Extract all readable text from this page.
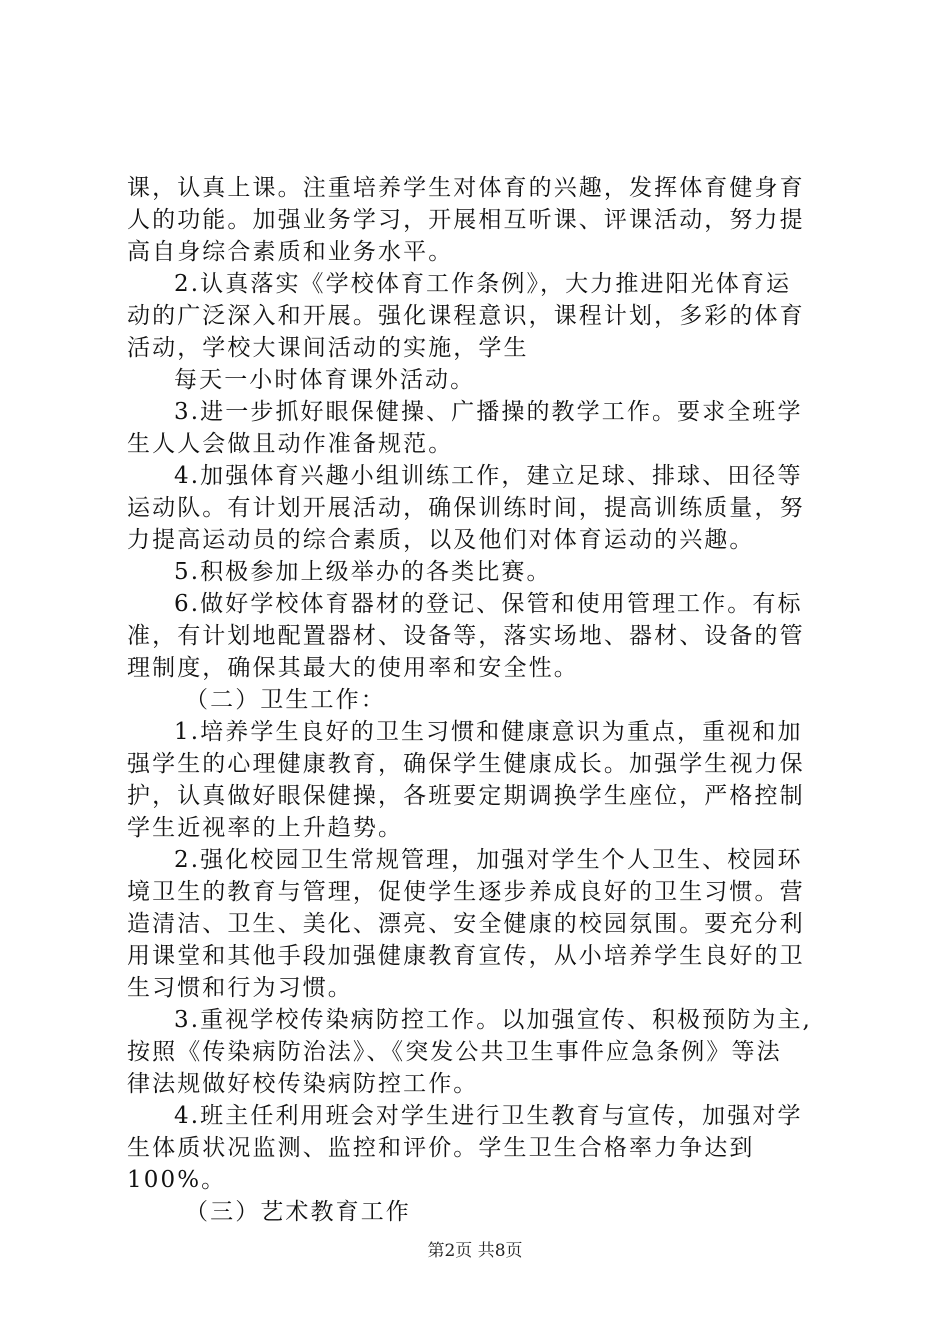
课，认真上课。注重培养学生对体育的兴趣，发挥体育健身育
人的功能。加强业务学习，开展相互听课、评课活动，努力提
高自身综合素质和业务水平。
2.认真落实《学校体育工作条例》，大力推进阳光体育运
动的广泛深入和开展。强化课程意识，课程计划，多彩的体育
活动，学校大课间活动的实施，学生
每天一小时体育课外活动。
3.进一步抓好眼保健操、广播操的教学工作。要求全班学
生人人会做且动作准备规范。
4.加强体育兴趣小组训练工作，建立足球、排球、田径等
运动队。有计划开展活动，确保训练时间，提高训练质量，努
力提高运动员的综合素质，以及他们对体育运动的兴趣。
5.积极参加上级举办的各类比赛。
6.做好学校体育器材的登记、保管和使用管理工作。有标
准，有计划地配置器材、设备等，落实场地、器材、设备的管
理制度，确保其最大的使用率和安全性。
（二）卫生工作：
1.培养学生良好的卫生习惯和健康意识为重点，重视和加
强学生的心理健康教育，确保学生健康成长。加强学生视力保
护，认真做好眼保健操，各班要定期调换学生座位，严格控制
学生近视率的上升趋势。
2.强化校园卫生常规管理，加强对学生个人卫生、校园环
境卫生的教育与管理，促使学生逐步养成良好的卫生习惯。营
造清洁、卫生、美化、漂亮、安全健康的校园氛围。要充分利
用课堂和其他手段加强健康教育宣传，从小培养学生良好的卫
生习惯和行为习惯。
3.重视学校传染病防控工作。以加强宣传、积极预防为主,
按照《传染病防治法》、《突发公共卫生事件应急条例》等法
律法规做好校传染病防控工作。
4.班主任利用班会对学生进行卫生教育与宣传，加强对学
生体质状况监测、监控和评价。学生卫生合格率力争达到
100%。
（三）艺术教育工作
第2页 共8页
